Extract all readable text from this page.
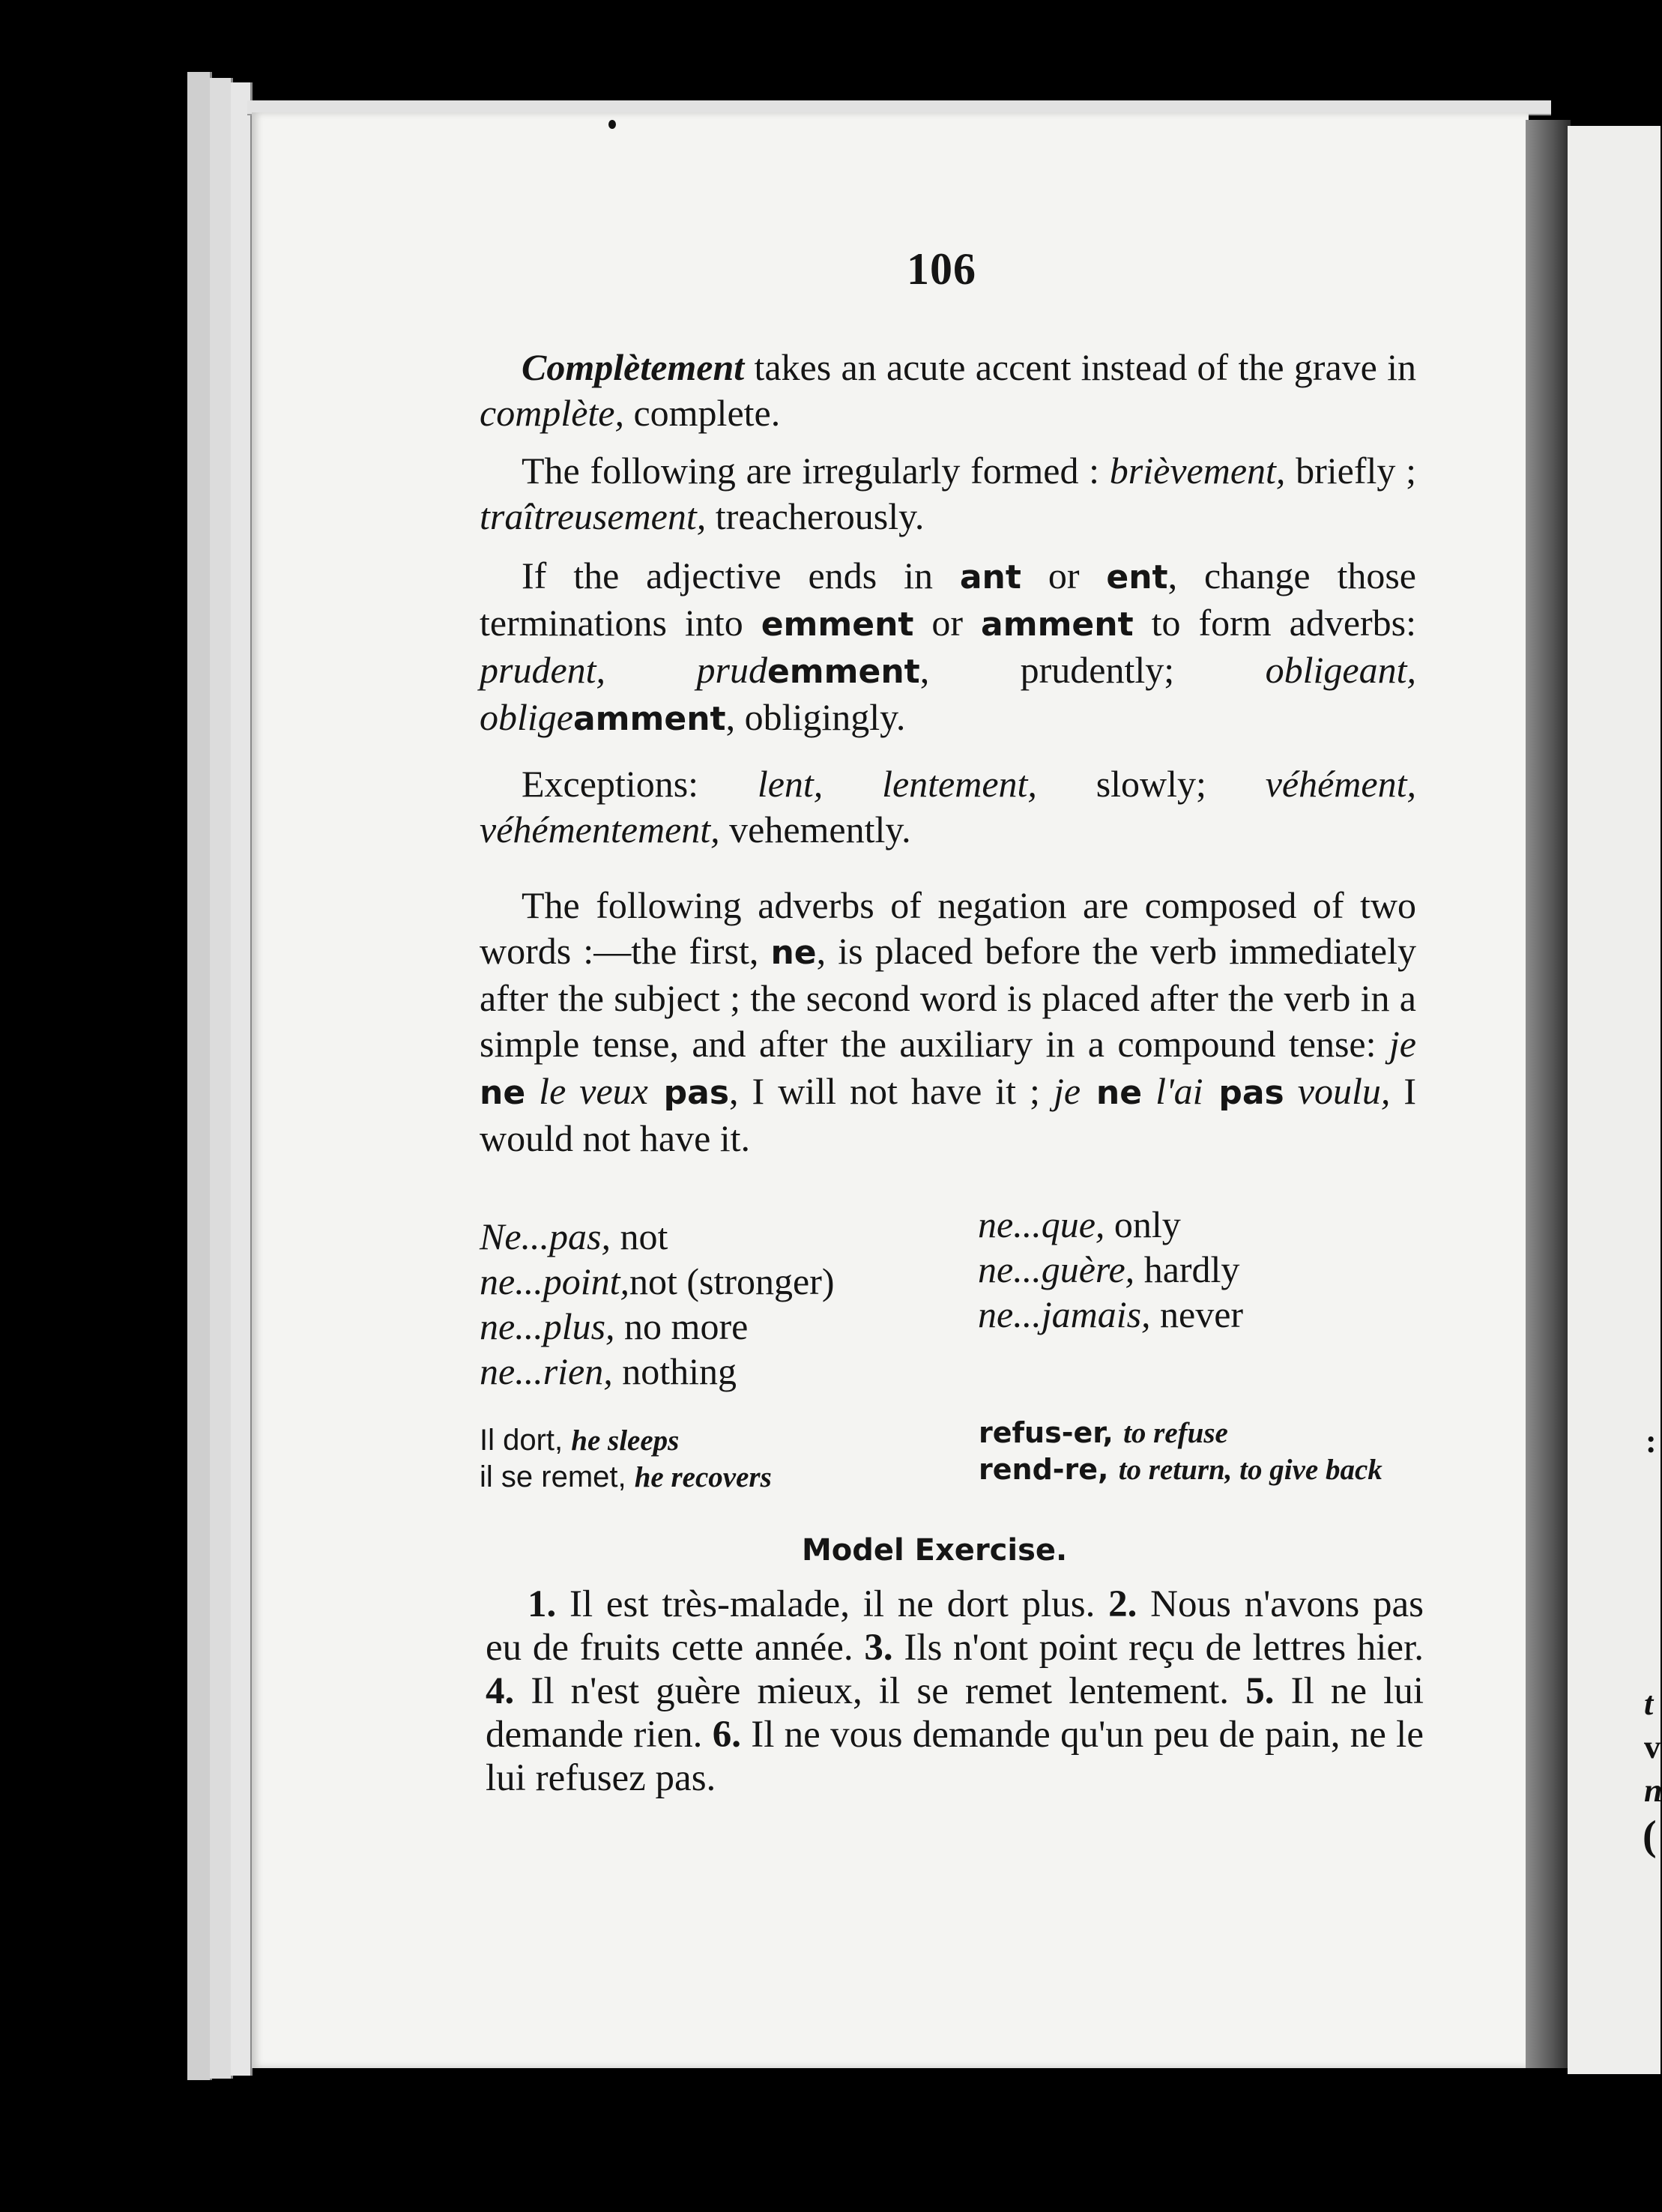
:
t
v
n
(
106

Complètement takes an acute accent instead of the grave in complète, complete.

The following are irregularly formed : brièvement, briefly ; traîtreusement, treacherously.

If the adjective ends in ant or ent, change those terminations into emment or amment to form adverbs: prudent, prudemment, prudently; obligeant, obligeamment, obligingly.

Exceptions: lent, lentement, slowly; véhément, véhémentement, vehemently.

The following adverbs of negation are composed of two words :—the first, ne, is placed before the verb immediately after the subject ; the second word is placed after the verb in a simple tense, and after the auxiliary in a compound tense: je ne le veux pas, I will not have it ; je ne l'ai pas voulu, I would not have it.

Ne...pas, not
ne...point,not (stronger)
ne...plus, no more
ne...rien, nothing
ne...que, only
ne...guère, hardly
ne...jamais, never
Il dort, he sleeps
il se remet, he recovers
refus-er, to refuse
rend-re, to return, to give back
Model Exercise.

1. Il est très-malade, il ne dort plus. 2. Nous n'avons pas eu de fruits cette année. 3. Ils n'ont point reçu de lettres hier. 4. Il n'est guère mieux, il se remet lentement. 5. Il ne lui demande rien. 6. Il ne vous demande qu'un peu de pain, ne le lui refusez pas.
